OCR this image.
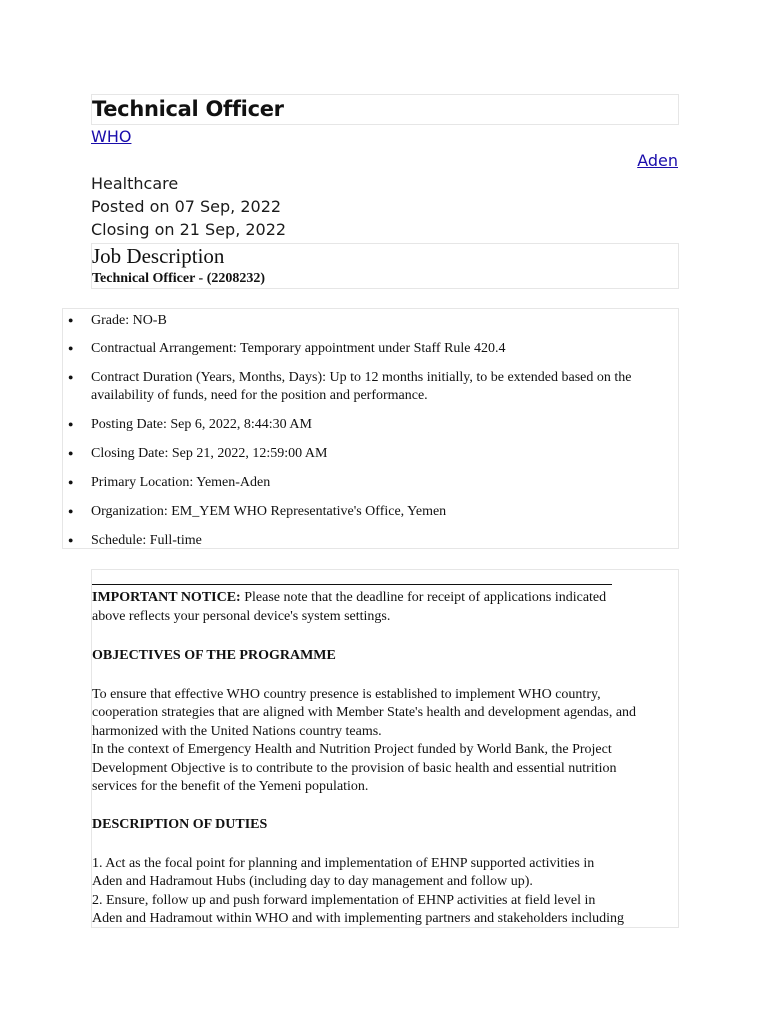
Technical Officer
WHO
Aden
Healthcare
Posted on 07 Sep, 2022
Closing on 21 Sep, 2022
Job Description
Technical Officer - (2208232)
● Grade: NO-B
● Contractual Arrangement: Temporary appointment under Staff Rule 420.4
● Contract Duration (Years, Months, Days): Up to 12 months initially, to be extended based on the
availability of funds, need for the position and performance.
● Posting Date: Sep 6, 2022, 8:44:30 AM
● Closing Date: Sep 21, 2022, 12:59:00 AM
● Primary Location: Yemen-Aden
● Organization: EM_YEM WHO Representative's Office, Yemen
● Schedule: Full-time
IMPORTANT NOTICE: Please note that the deadline for receipt of applications indicated
above reflects your personal device's system settings.
OBJECTIVES OF THE PROGRAMME
To ensure that effective WHO country presence is established to implement WHO country,
cooperation strategies that are aligned with Member State's health and development agendas, and
harmonized with the United Nations country teams.
In the context of Emergency Health and Nutrition Project funded by World Bank, the Project
Development Objective is to contribute to the provision of basic health and essential nutrition
services for the benefit of the Yemeni population.
DESCRIPTION OF DUTIES
1. Act as the focal point for planning and implementation of EHNP supported activities in
Aden and Hadramout Hubs (including day to day management and follow up).
2. Ensure, follow up and push forward implementation of EHNP activities at field level in
Aden and Hadramout within WHO and with implementing partners and stakeholders including
